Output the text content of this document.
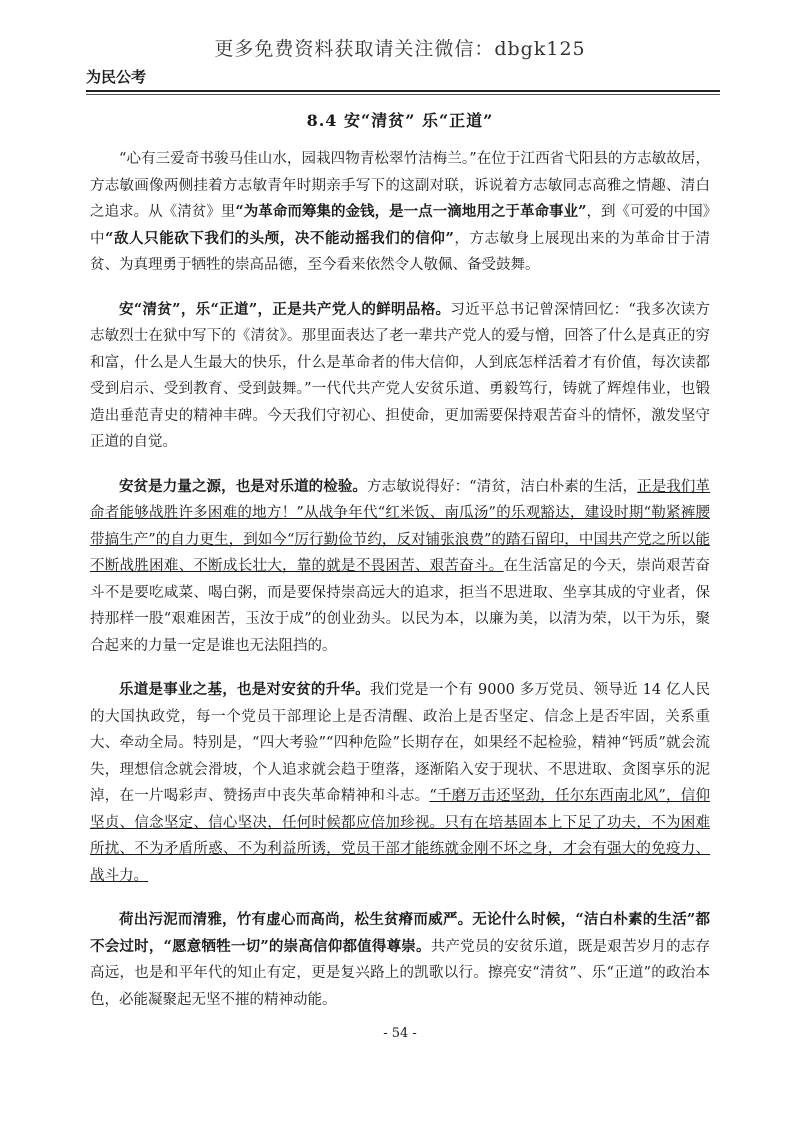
更多免费资料获取请关注微信：dbgk125
为民公考
8.4 安“清贫” 乐“正道”

“心有三爱奇书骏马佳山水，园栽四物青松翠竹洁梅兰。”在位于江西省弋阳县的方志敏故居，方志敏画像两侧挂着方志敏青年时期亲手写下的这副对联，诉说着方志敏同志高雅之情趣、清白之追求。从《清贫》里“为革命而筹集的金钱，是一点一滴地用之于革命事业”，到《可爱的中国》中“敌人只能砍下我们的头颅，决不能动摇我们的信仰”，方志敏身上展现出来的为革命甘于清贫、为真理勇于牺牲的崇高品德，至今看来依然令人敬佩、备受鼓舞。

安“清贫”，乐“正道”，正是共产党人的鲜明品格。习近平总书记曾深情回忆：“我多次读方志敏烈士在狱中写下的《清贫》。那里面表达了老一辈共产党人的爱与憎，回答了什么是真正的穷和富，什么是人生最大的快乐，什么是革命者的伟大信仰，人到底怎样活着才有价值，每次读都受到启示、受到教育、受到鼓舞。”一代代共产党人安贫乐道、勇毅笃行，铸就了辉煌伟业，也锻造出垂范青史的精神丰碑。今天我们守初心、担使命，更加需要保持艰苦奋斗的情怀，激发坚守正道的自觉。

安贫是力量之源，也是对乐道的检验。方志敏说得好：“清贫，洁白朴素的生活，正是我们革命者能够战胜许多困难的地方！”从战争年代“红米饭、南瓜汤”的乐观豁达，建设时期“勒紧裤腰带搞生产”的自力更生，到如今“厉行勤俭节约，反对铺张浪费”的踏石留印，中国共产党之所以能不断战胜困难、不断成长壮大，靠的就是不畏困苦、艰苦奋斗。在生活富足的今天，崇尚艰苦奋斗不是要吃咸菜、喝白粥，而是要保持崇高远大的追求，拒当不思进取、坐享其成的守业者，保持那样一股“艰难困苦，玉汝于成”的创业劲头。以民为本，以廉为美，以清为荣，以干为乐，聚合起来的力量一定是谁也无法阻挡的。

乐道是事业之基，也是对安贫的升华。我们党是一个有 9000 多万党员、领导近 14 亿人民的大国执政党，每一个党员干部理论上是否清醒、政治上是否坚定、信念上是否牢固，关系重大、牵动全局。特别是，“四大考验”“四种危险”长期存在，如果经不起检验，精神“钙质”就会流失，理想信念就会滑坡，个人追求就会趋于堕落，逐渐陷入安于现状、不思进取、贪图享乐的泥淖，在一片喝彩声、赞扬声中丧失革命精神和斗志。“千磨万击还坚劲，任尔东西南北风”，信仰坚贞、信念坚定、信心坚决，任何时候都应倍加珍视。只有在培基固本上下足了功夫，不为困难所扰、不为矛盾所惑、不为利益所诱，党员干部才能练就金刚不坏之身，才会有强大的免疫力、战斗力。

荷出污泥而清雅，竹有虚心而高尚，松生贫瘠而威严。无论什么时候，“洁白朴素的生活”都不会过时，“愿意牺牲一切”的崇高信仰都值得尊崇。共产党员的安贫乐道，既是艰苦岁月的志存高远，也是和平年代的知止有定，更是复兴路上的凯歌以行。擦亮安“清贫”、乐“正道”的政治本色，必能凝聚起无坚不摧的精神动能。

- 54 -
